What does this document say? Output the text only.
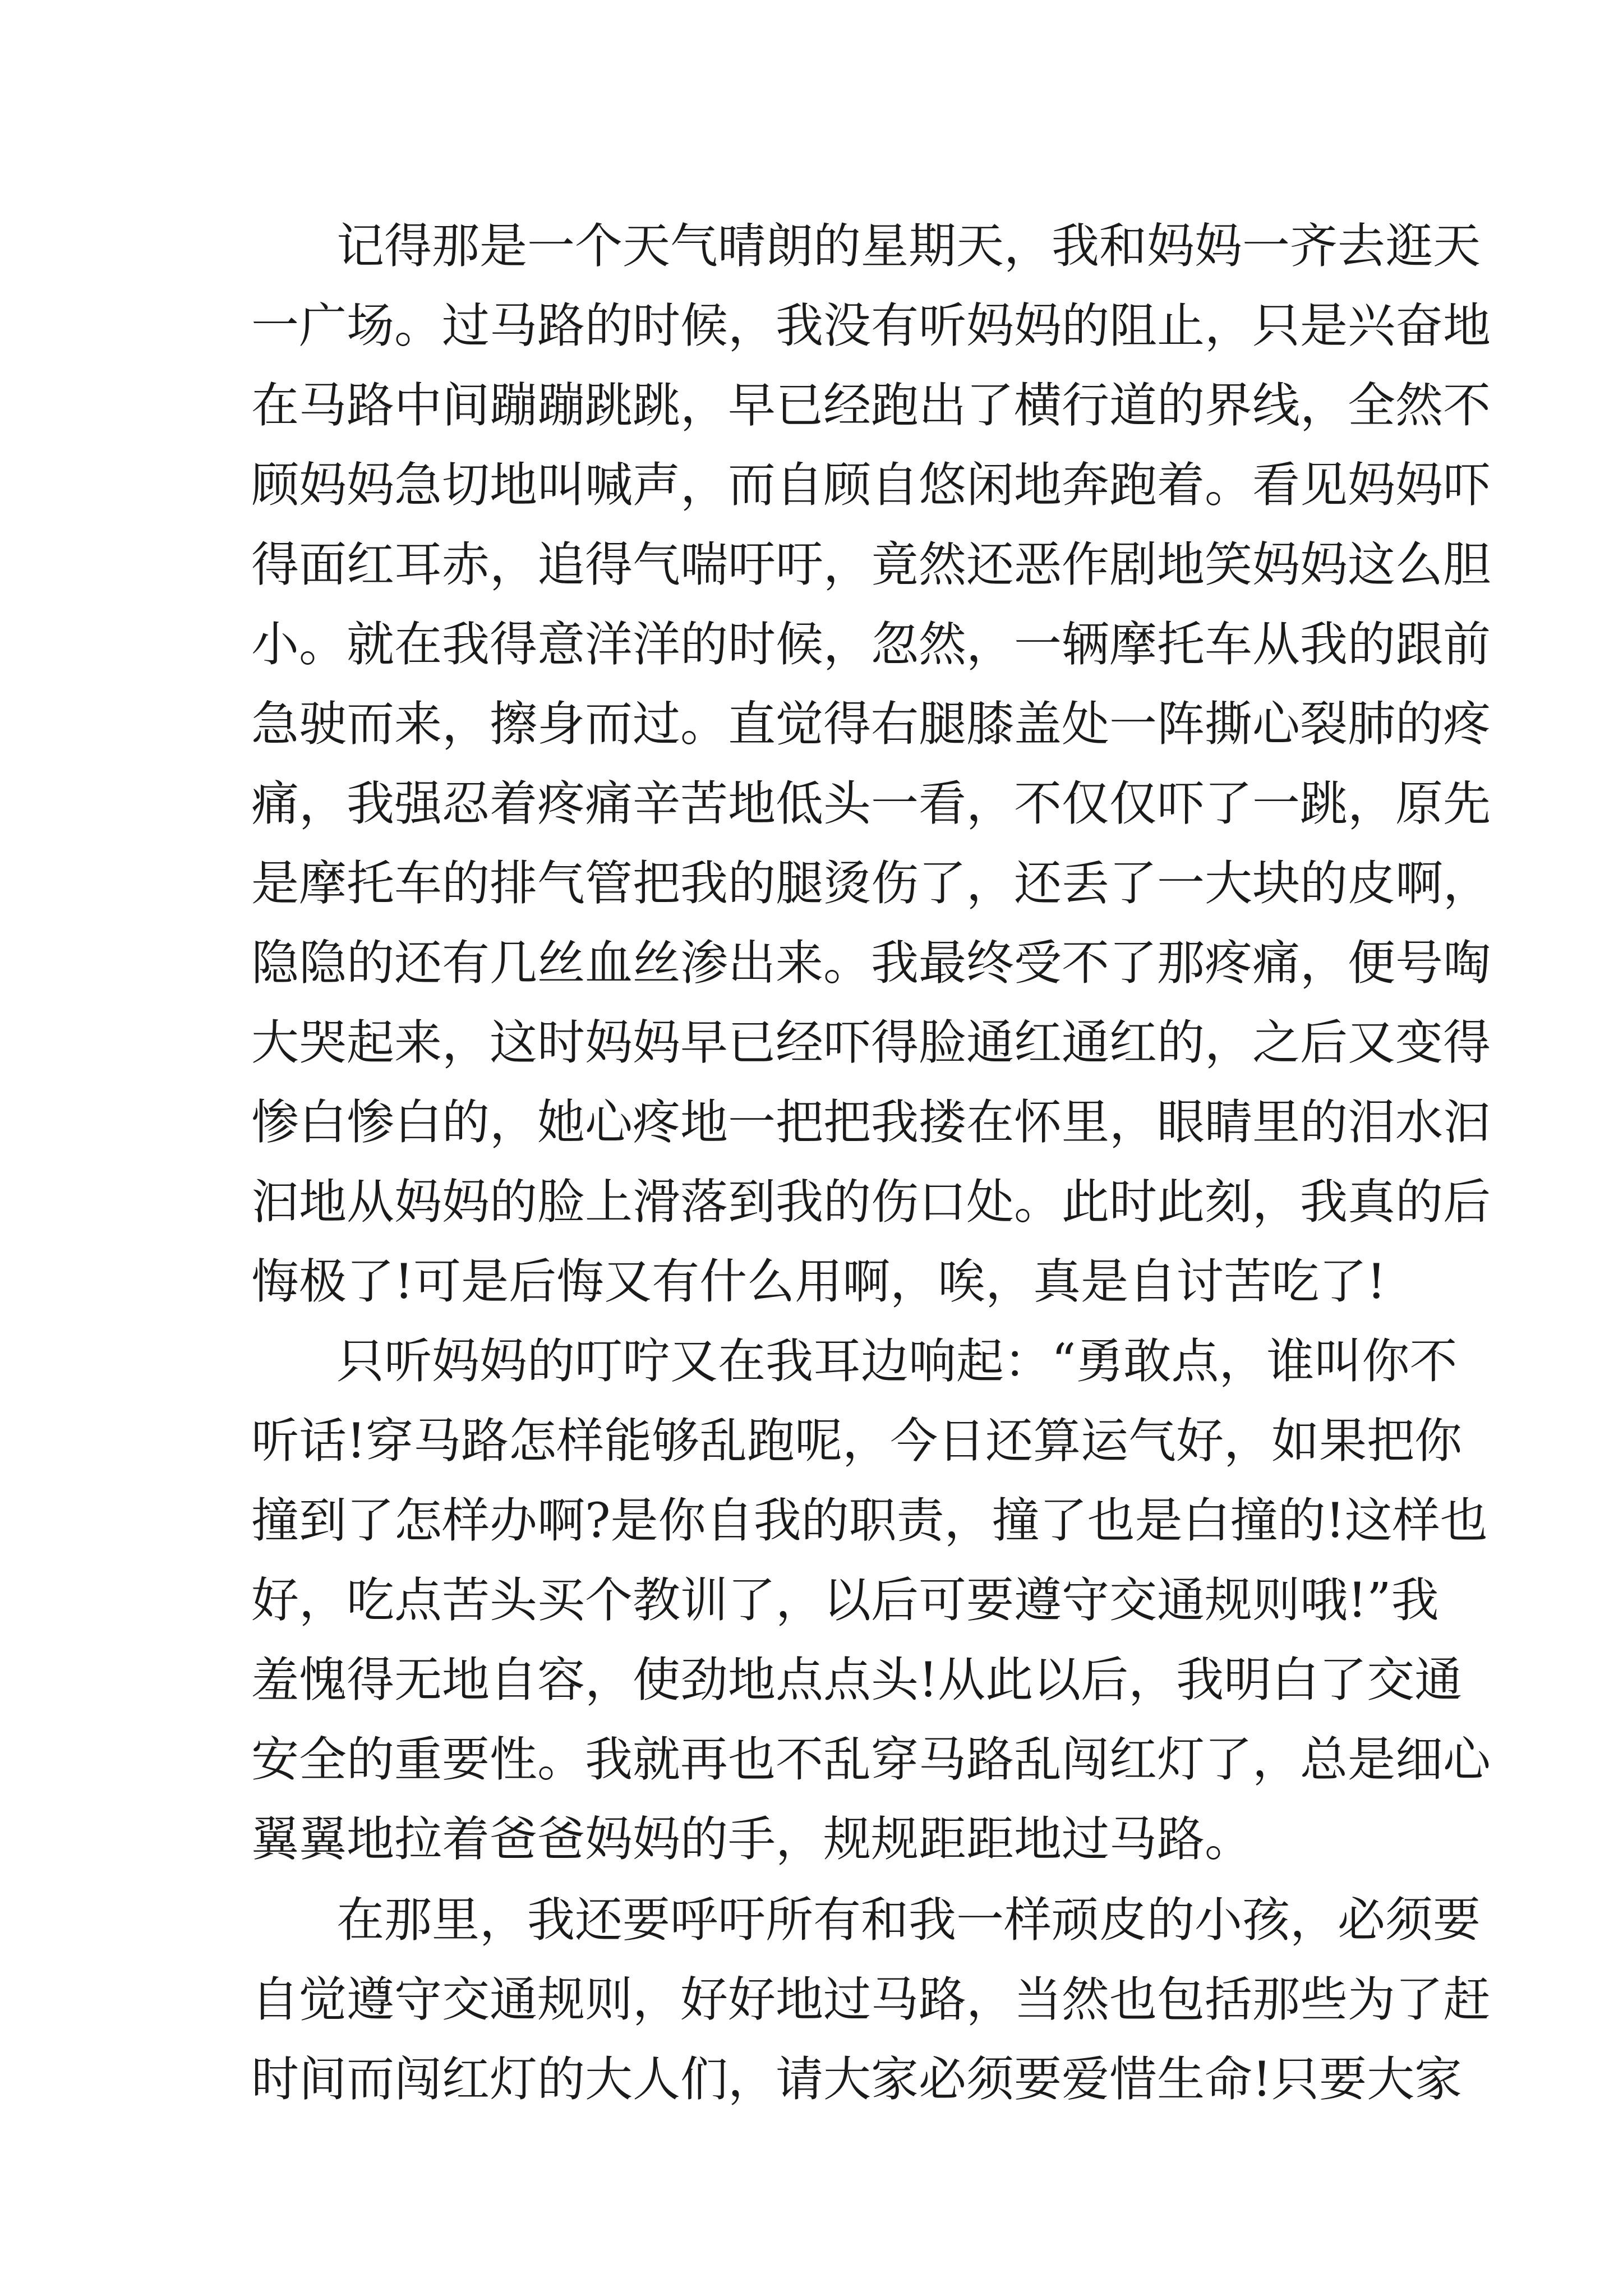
记得那是一个天气晴朗的星期天，我和妈妈一齐去逛天
一广场。过马路的时候，我没有听妈妈的阻止，只是兴奋地
在马路中间蹦蹦跳跳，早已经跑出了横行道的界线，全然不
顾妈妈急切地叫喊声，而自顾自悠闲地奔跑着。看见妈妈吓
得面红耳赤，追得气喘吁吁，竟然还恶作剧地笑妈妈这么胆
小。就在我得意洋洋的时候，忽然，一辆摩托车从我的跟前
急驶而来，擦身而过。直觉得右腿膝盖处一阵撕心裂肺的疼
痛，我强忍着疼痛辛苦地低头一看，不仅仅吓了一跳，原先
是摩托车的排气管把我的腿烫伤了，还丢了一大块的皮啊，
隐隐的还有几丝血丝渗出来。我最终受不了那疼痛，便号啕
大哭起来，这时妈妈早已经吓得脸通红通红的，之后又变得
惨白惨白的，她心疼地一把把我搂在怀里，眼睛里的泪水汩
汩地从妈妈的脸上滑落到我的伤口处。此时此刻，我真的后
悔极了!可是后悔又有什么用啊，唉，真是自讨苦吃了!
只听妈妈的叮咛又在我耳边响起：“勇敢点，谁叫你不
听话!穿马路怎样能够乱跑呢，今日还算运气好，如果把你
撞到了怎样办啊?是你自我的职责，撞了也是白撞的!这样也
好，吃点苦头买个教训了，以后可要遵守交通规则哦!”我
羞愧得无地自容，使劲地点点头!从此以后，我明白了交通
安全的重要性。我就再也不乱穿马路乱闯红灯了，总是细心
翼翼地拉着爸爸妈妈的手，规规距距地过马路。
在那里，我还要呼吁所有和我一样顽皮的小孩，必须要
自觉遵守交通规则，好好地过马路，当然也包括那些为了赶
时间而闯红灯的大人们，请大家必须要爱惜生命!只要大家
